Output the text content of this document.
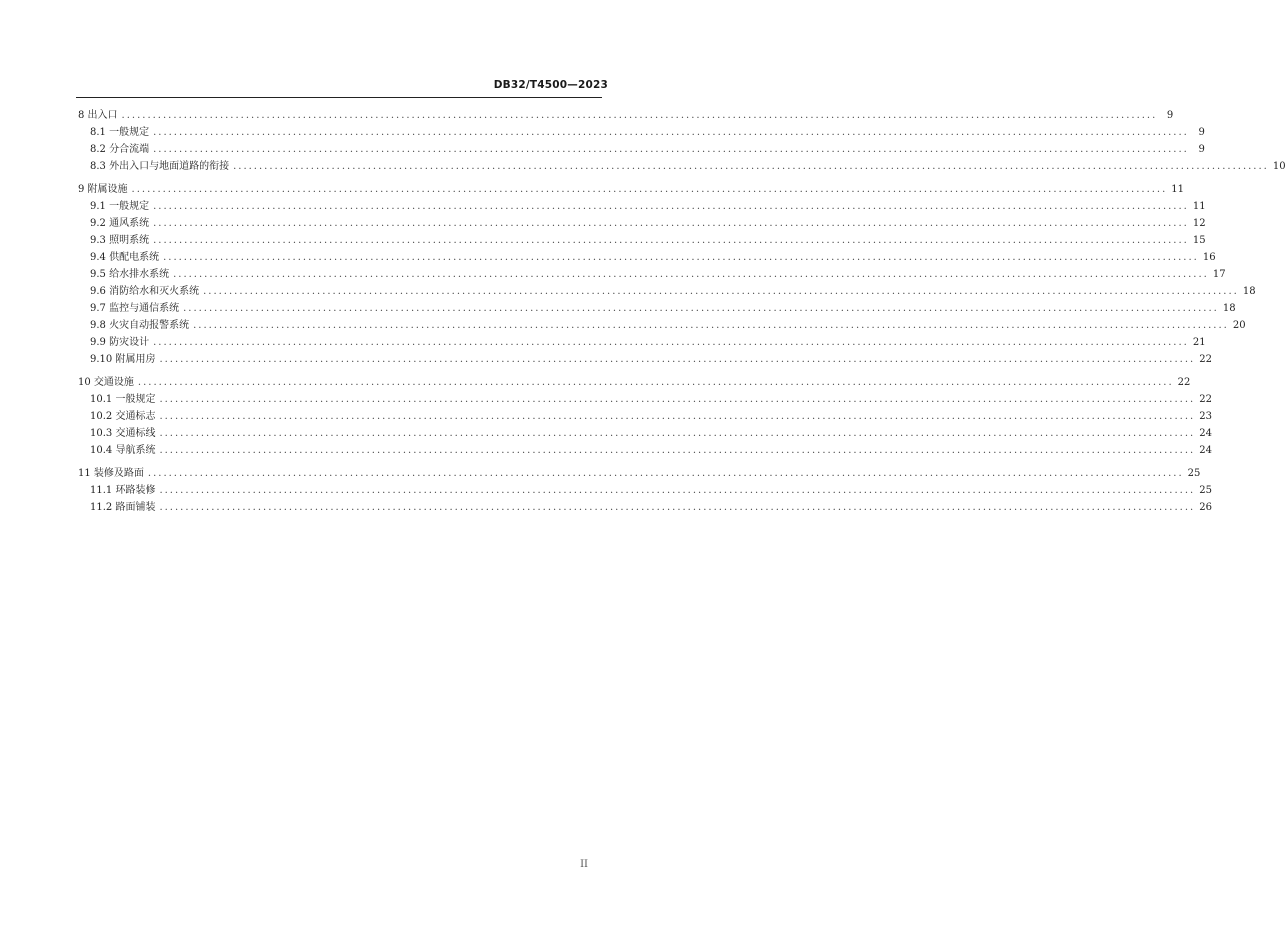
DB32/T4500—2023
8 出入口 ........................................................................................................................................................................................................ 9
8.1 一般规定 ........................................................................................................................................................................................................ 9
8.2 分合流端 ........................................................................................................................................................................................................ 9
8.3 外出入口与地面道路的衔接 ........................................................................................................................................................................................................ 10
9 附属设施 ........................................................................................................................................................................................................ 11
9.1 一般规定 ........................................................................................................................................................................................................ 11
9.2 通风系统 ........................................................................................................................................................................................................ 12
9.3 照明系统 ........................................................................................................................................................................................................ 15
9.4 供配电系统 ........................................................................................................................................................................................................ 16
9.5 给水排水系统 ........................................................................................................................................................................................................ 17
9.6 消防给水和灭火系统 ........................................................................................................................................................................................................ 18
9.7 监控与通信系统 ........................................................................................................................................................................................................ 18
9.8 火灾自动报警系统 ........................................................................................................................................................................................................ 20
9.9 防灾设计 ........................................................................................................................................................................................................ 21
9.10 附属用房 ........................................................................................................................................................................................................ 22
10 交通设施 ........................................................................................................................................................................................................ 22
10.1 一般规定 ........................................................................................................................................................................................................ 22
10.2 交通标志 ........................................................................................................................................................................................................ 23
10.3 交通标线 ........................................................................................................................................................................................................ 24
10.4 导航系统 ........................................................................................................................................................................................................ 24
11 装修及路面 ........................................................................................................................................................................................................ 25
11.1 环路装修 ........................................................................................................................................................................................................ 25
11.2 路面铺装 ........................................................................................................................................................................................................ 26
II
